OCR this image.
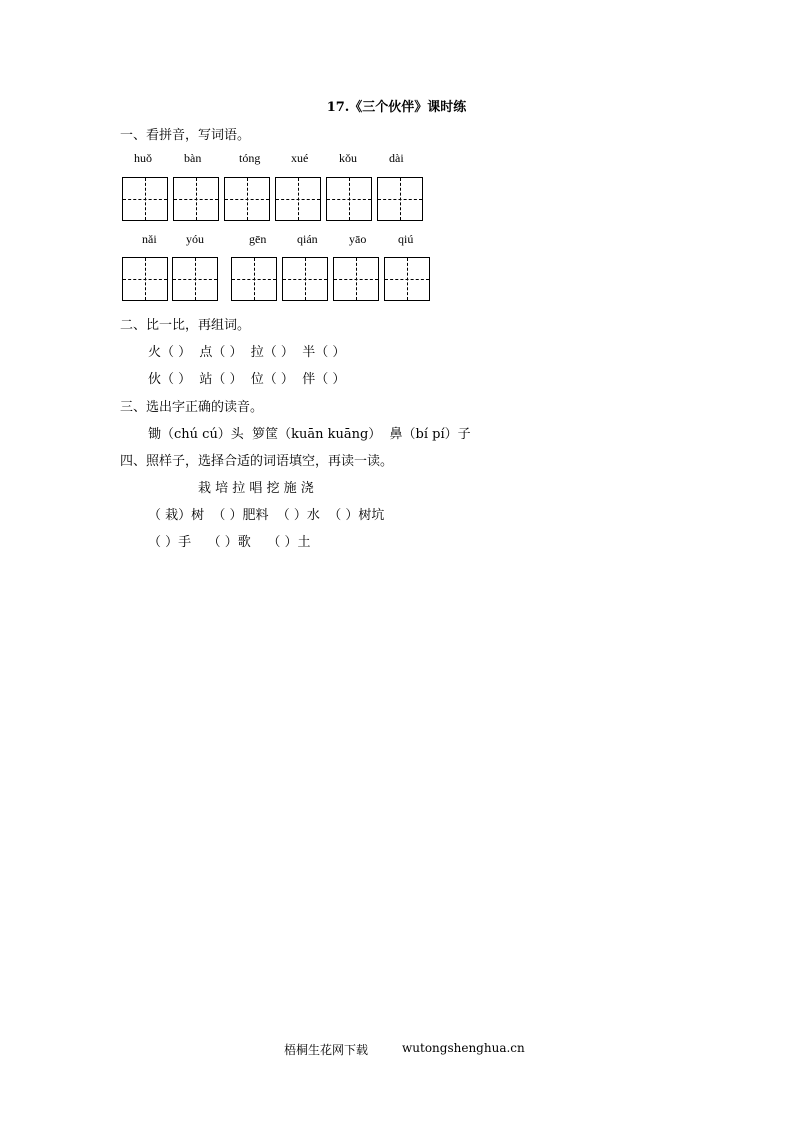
17.《三个伙伴》课时练
一、看拼音，写词语。
huǒ	bàn	tóng	xué	kǒu	dài
nǎi yóu	gēn	qián	yāo	qiú
二、比一比，再组词。
火（ ）  点（ ）  拉（ ）  半（ ）
伙（ ）  站（ ）  位（ ）  伴（ ）
三、选出字正确的读音。
锄（chú cú）头  箩筐（kuān kuāng）  鼻（bí pí）子
四、照样子，选择合适的词语填空，再读一读。
栽 培 拉 唱 挖 施 浇
（ 栽）树  （ ）肥料  （ ）水  （ ）树坑
（ ）手    （ ）歌    （ ）土
梧桐生花网下载	wutongshenghua.cn
